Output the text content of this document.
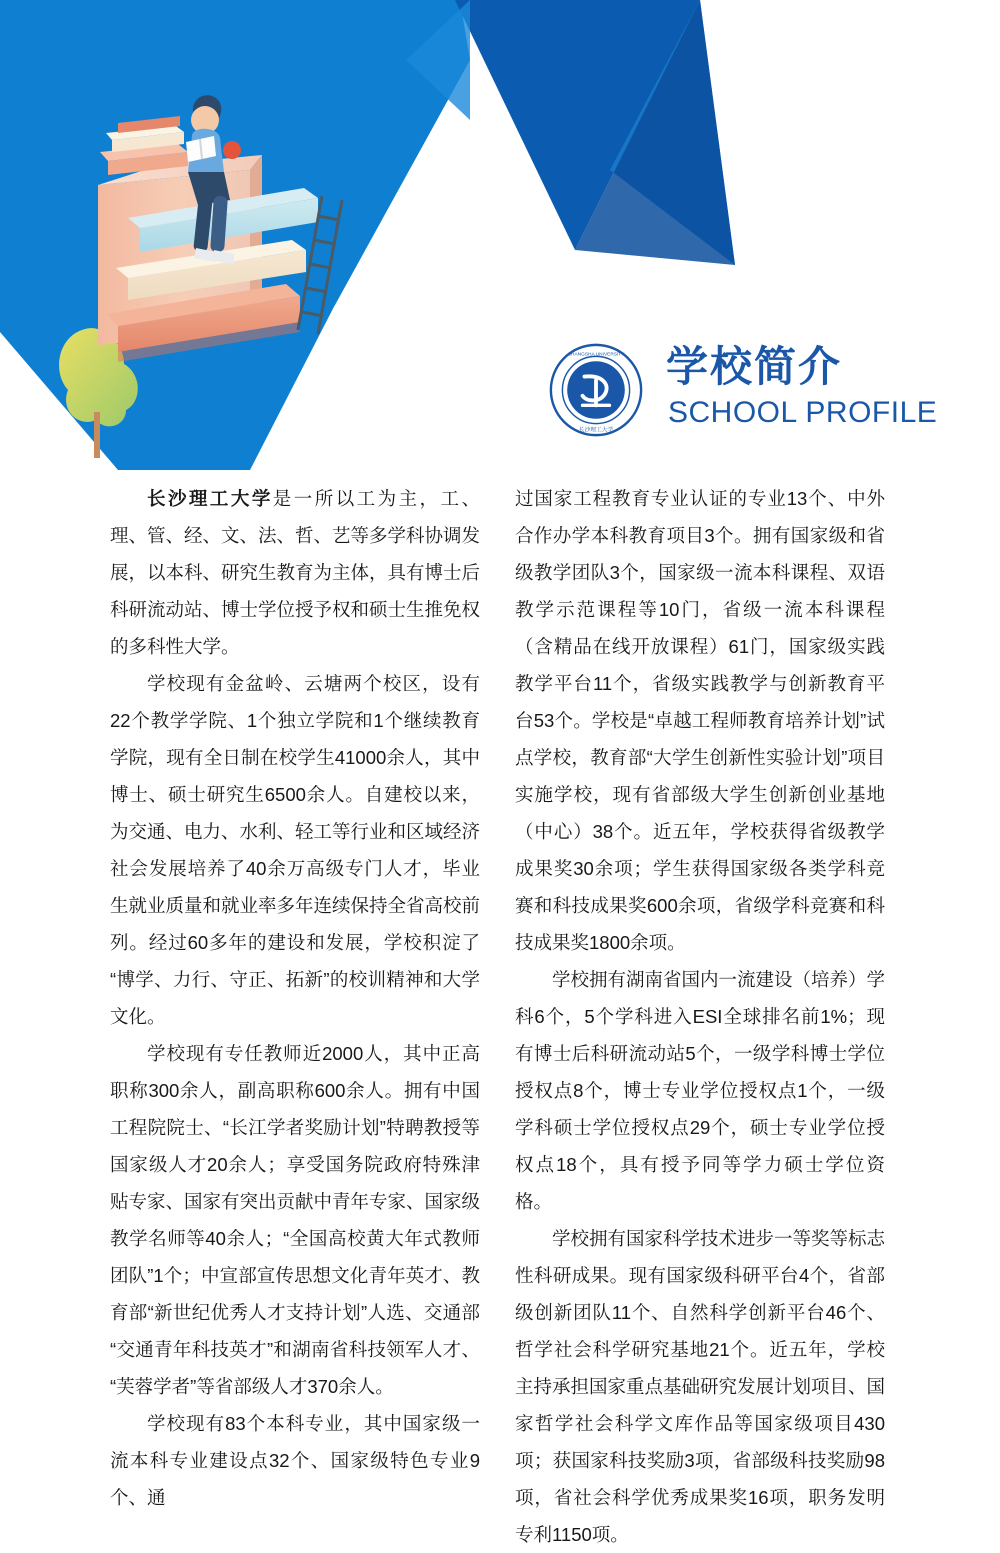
CHANGSHA UNIVERSITY
长沙理工大学
学校简介
SCHOOL PROFILE

长沙理工大学是一所以工为主，工、理、管、经、文、法、哲、艺等多学科协调发展，以本科、研究生教育为主体，具有博士后科研流动站、博士学位授予权和硕士生推免权的多科性大学。

学校现有金盆岭、云塘两个校区，设有22个教学学院、1个独立学院和1个继续教育学院，现有全日制在校学生41000余人，其中博士、硕士研究生6500余人。自建校以来，为交通、电力、水利、轻工等行业和区域经济社会发展培养了40余万高级专门人才，毕业生就业质量和就业率多年连续保持全省高校前列。经过60多年的建设和发展，学校积淀了“博学、力行、守正、拓新”的校训精神和大学文化。

学校现有专任教师近2000人，其中正高职称300余人，副高职称600余人。拥有中国工程院院士、“长江学者奖励计划”特聘教授等国家级人才20余人；享受国务院政府特殊津贴专家、国家有突出贡献中青年专家、国家级教学名师等40余人；“全国高校黄大年式教师团队”1个；中宣部宣传思想文化青年英才、教育部“新世纪优秀人才支持计划”人选、交通部“交通青年科技英才”和湖南省科技领军人才、“芙蓉学者”等省部级人才370余人。

学校现有83个本科专业，其中国家级一流本科专业建设点32个、国家级特色专业9个、通

过国家工程教育专业认证的专业13个、中外合作办学本科教育项目3个。拥有国家级和省级教学团队3个，国家级一流本科课程、双语教学示范课程等10门，省级一流本科课程（含精品在线开放课程）61门，国家级实践教学平台11个，省级实践教学与创新教育平台53个。学校是“卓越工程师教育培养计划”试点学校，教育部“大学生创新性实验计划”项目实施学校，现有省部级大学生创新创业基地（中心）38个。近五年，学校获得省级教学成果奖30余项；学生获得国家级各类学科竞赛和科技成果奖600余项，省级学科竞赛和科技成果奖1800余项。

学校拥有湖南省国内一流建设（培养）学科6个，5个学科进入ESI全球排名前1%；现有博士后科研流动站5个，一级学科博士学位授权点8个，博士专业学位授权点1个，一级学科硕士学位授权点29个，硕士专业学位授权点18个，具有授予同等学力硕士学位资格。

学校拥有国家科学技术进步一等奖等标志性科研成果。现有国家级科研平台4个，省部级创新团队11个、自然科学创新平台46个、哲学社会科学研究基地21个。近五年，学校主持承担国家重点基础研究发展计划项目、国家哲学社会科学文库作品等国家级项目430项；获国家科技奖励3项，省部级科技奖励98项，省社会科学优秀成果奖16项，职务发明专利1150项。
